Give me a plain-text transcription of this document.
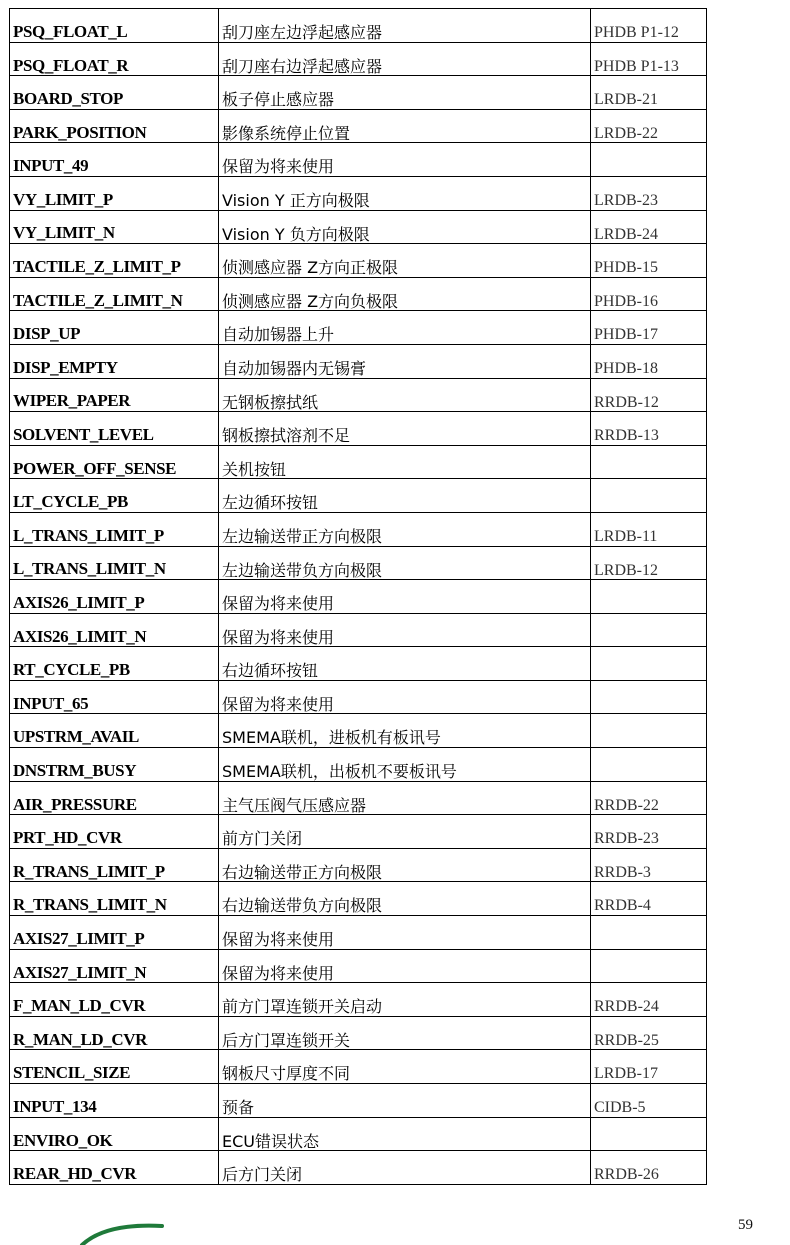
PSQ_FLOAT_L	刮刀座左边浮起感应器	PHDB P1-12
PSQ_FLOAT_R	刮刀座右边浮起感应器	PHDB P1-13
BOARD_STOP	板子停止感应器	LRDB-21
PARK_POSITION	影像系统停止位置	LRDB-22
INPUT_49	保留为将来使用	
VY_LIMIT_P	Vision Y 正方向极限	LRDB-23
VY_LIMIT_N	Vision Y 负方向极限	LRDB-24
TACTILE_Z_LIMIT_P	侦测感应器 Z方向正极限	PHDB-15
TACTILE_Z_LIMIT_N	侦测感应器 Z方向负极限	PHDB-16
DISP_UP	自动加锡器上升	PHDB-17
DISP_EMPTY	自动加锡器内无锡膏	PHDB-18
WIPER_PAPER	无钢板擦拭纸	RRDB-12
SOLVENT_LEVEL	钢板擦拭溶剂不足	RRDB-13
POWER_OFF_SENSE	关机按钮	
LT_CYCLE_PB	左边循环按钮	
L_TRANS_LIMIT_P	左边输送带正方向极限	LRDB-11
L_TRANS_LIMIT_N	左边输送带负方向极限	LRDB-12
AXIS26_LIMIT_P	保留为将来使用	
AXIS26_LIMIT_N	保留为将来使用	
RT_CYCLE_PB	右边循环按钮	
INPUT_65	保留为将来使用	
UPSTRM_AVAIL	SMEMA联机，进板机有板讯号	
DNSTRM_BUSY	SMEMA联机，出板机不要板讯号	
AIR_PRESSURE	主气压阀气压感应器	RRDB-22
PRT_HD_CVR	前方门关闭	RRDB-23
R_TRANS_LIMIT_P	右边输送带正方向极限	RRDB-3
R_TRANS_LIMIT_N	右边输送带负方向极限	RRDB-4
AXIS27_LIMIT_P	保留为将来使用	
AXIS27_LIMIT_N	保留为将来使用	
F_MAN_LD_CVR	前方门罩连锁开关启动	RRDB-24
R_MAN_LD_CVR	后方门罩连锁开关	RRDB-25
STENCIL_SIZE	钢板尺寸厚度不同	LRDB-17
INPUT_134	预备	CIDB-5
ENVIRO_OK	ECU错误状态	
REAR_HD_CVR	后方门关闭	RRDB-26
59
